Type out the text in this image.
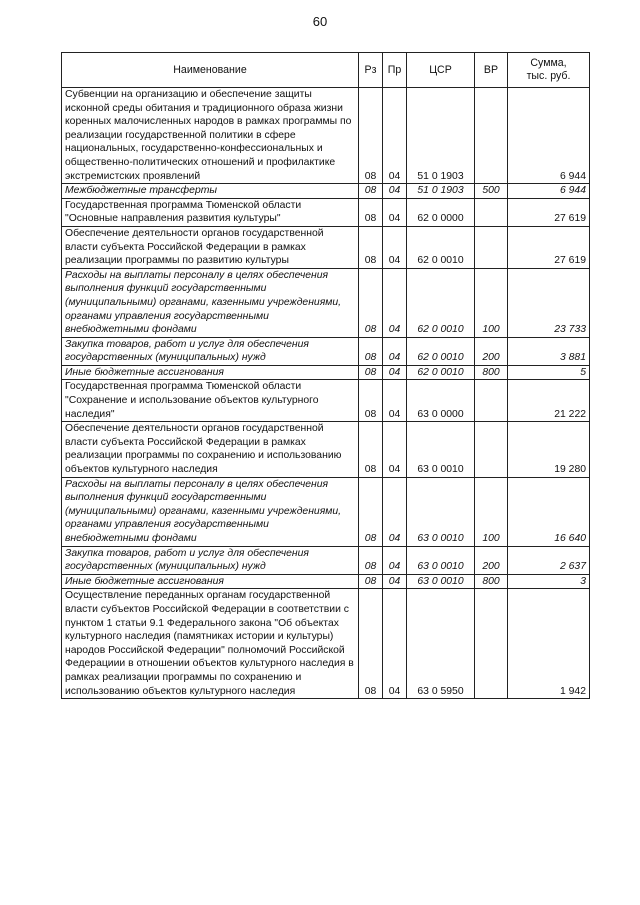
60
Наименование	Рз	Пр	ЦСР	ВР	Сумма,
тыс. руб.
Субвенции на организацию и обеспечение защиты исконной среды обитания и традиционного образа жизни коренных малочисленных народов в рамках программы по реализации государственной политики в сфере национальных, государственно-конфессиональных и общественно-политических отношений и профилактике экстремистских проявлений	08	04	51 0 1903		6 944
Межбюджетные трансферты	08	04	51 0 1903	500	6 944
Государственная программа Тюменской области "Основные направления развития культуры"	08	04	62 0 0000		27 619
Обеспечение деятельности органов государственной власти субъекта Российской Федерации в рамках реализации программы по развитию культуры	08	04	62 0 0010		27 619
Расходы на выплаты персоналу в целях обеспечения выполнения функций государственными (муниципальными) органами, казенными учреждениями, органами управления государственными внебюджетными фондами	08	04	62 0 0010	100	23 733
Закупка товаров, работ и услуг для обеспечения государственных (муниципальных) нужд	08	04	62 0 0010	200	3 881
Иные бюджетные ассигнования	08	04	62 0 0010	800	5
Государственная программа Тюменской области "Сохранение и использование объектов культурного наследия"	08	04	63 0 0000		21 222
Обеспечение деятельности органов государственной власти субъекта Российской Федерации в рамках реализации программы по сохранению и использованию объектов культурного наследия	08	04	63 0 0010		19 280
Расходы на выплаты персоналу в целях обеспечения выполнения функций государственными (муниципальными) органами, казенными учреждениями, органами управления государственными внебюджетными фондами	08	04	63 0 0010	100	16 640
Закупка товаров, работ и услуг для обеспечения государственных (муниципальных) нужд	08	04	63 0 0010	200	2 637
Иные бюджетные ассигнования	08	04	63 0 0010	800	3
Осуществление переданных органам государственной власти субъектов Российской Федерации в соответствии с пунктом 1 статьи 9.1 Федерального закона "Об объектах культурного наследия (памятниках истории и культуры) народов Российской Федерации" полномочий Российской Федерациии в отношении объектов культурного наследия в рамках реализации программы по сохранению и использованию объектов культурного наследия	08	04	63 0 5950		1 942
